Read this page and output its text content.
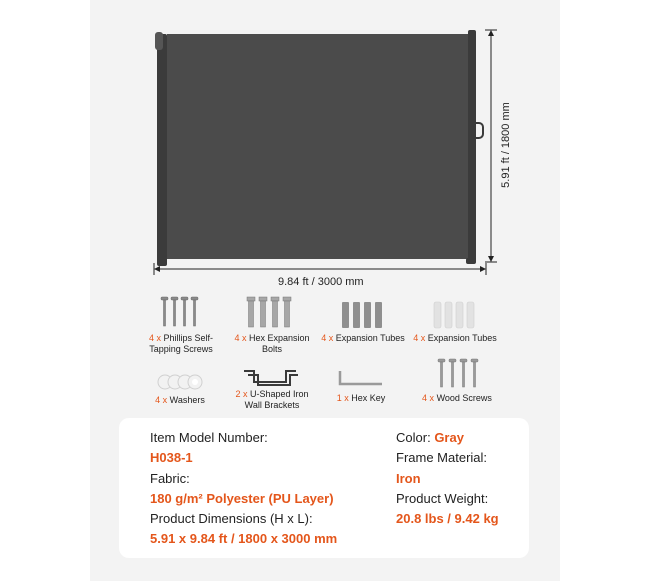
9.84 ft / 3000 mm
5.91 ft / 1800 mm
4 x Phillips Self-Tapping Screws
4 x Hex Expansion Bolts
4 x Expansion Tubes 4 x Expansion Tubes
4 x Washers
2 x U-Shaped Iron Wall Brackets
1 x Hex Key	4 x Wood Screws
Item Model Number:
H038-1
Fabric:
180 g/m² Polyester (PU Layer)
Product Dimensions (H x L):
5.91 x 9.84 ft / 1800 x 3000 mm
Color: Gray
Frame Material:
Iron
Product Weight:
20.8 lbs / 9.42 kg
